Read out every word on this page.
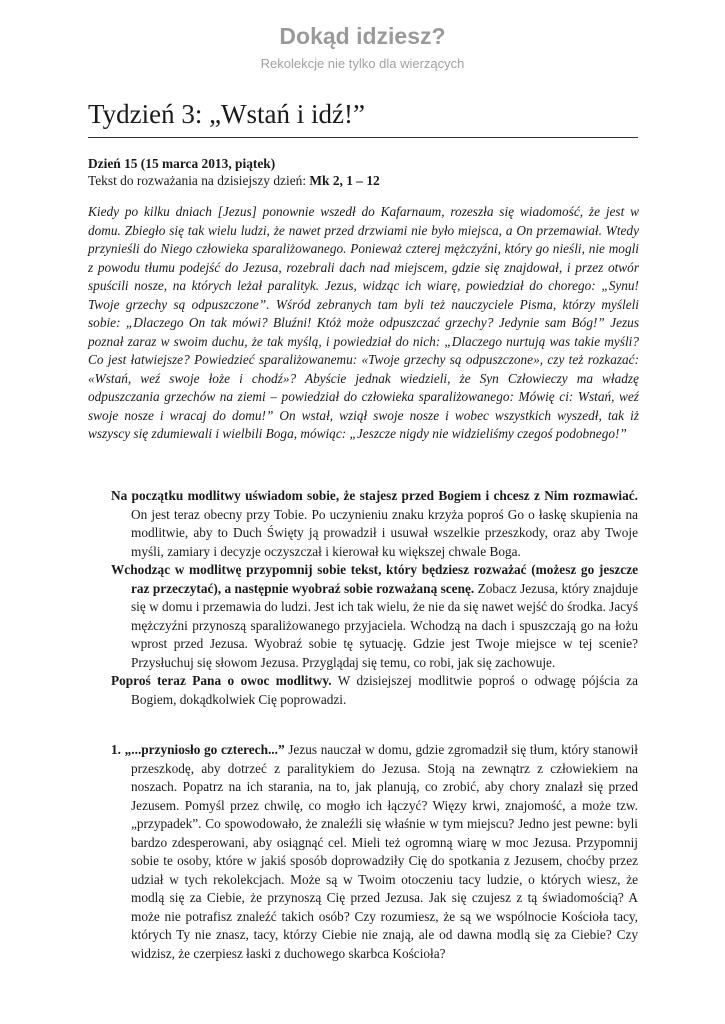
Dokąd idziesz?
Rekolekcje nie tylko dla wierzących
Tydzień 3: „Wstań i idź!”
Dzień 15 (15 marca 2013, piątek)
Tekst do rozważania na dzisiejszy dzień: Mk 2, 1 – 12

Kiedy po kilku dniach [Jezus] ponownie wszedł do Kafarnaum, rozeszła się wiadomość, że jest w domu. Zbiegło się tak wielu ludzi, że nawet przed drzwiami nie było miejsca, a On przemawiał. Wtedy przynieśli do Niego człowieka sparaliżowanego. Ponieważ czterej mężczyźni, który go nieśli, nie mogli z powodu tłumu podejść do Jezusa, rozebrali dach nad miejscem, gdzie się znajdował, i przez otwór spuścili nosze, na których leżał paralityk. Jezus, widząc ich wiarę, powiedział do chorego: „Synu! Twoje grzechy są odpuszczone”. Wśród zebranych tam byli też nauczyciele Pisma, którzy myśleli sobie: „Dlaczego On tak mówi? Bluźni! Któż może odpuszczać grzechy? Jedynie sam Bóg!” Jezus poznał zaraz w swoim duchu, że tak myślą, i powiedział do nich: „Dlaczego nurtują was takie myśli? Co jest łatwiejsze? Powiedzieć sparaliżowanemu: «Twoje grzechy są odpuszczone», czy też rozkazać: «Wstań, weź swoje łoże i chodź»? Abyście jednak wiedzieli, że Syn Człowieczy ma władzę odpuszczania grzechów na ziemi – powiedział do człowieka sparaliżowanego: Mówię ci: Wstań, weź swoje nosze i wracaj do domu!” On wstał, wziął swoje nosze i wobec wszystkich wyszedł, tak iż wszyscy się zdumiewali i wielbili Boga, mówiąc: „Jeszcze nigdy nie widzieliśmy czegoś podobnego!”

Na początku modlitwy uświadom sobie, że stajesz przed Bogiem i chcesz z Nim rozmawiać. On jest teraz obecny przy Tobie. Po uczynieniu znaku krzyża poproś Go o łaskę skupienia na modlitwie, aby to Duch Święty ją prowadził i usuwał wszelkie przeszkody, oraz aby Twoje myśli, zamiary i decyzje oczyszczał i kierował ku większej chwale Boga.

Wchodząc w modlitwę przypomnij sobie tekst, który będziesz rozważać (możesz go jeszcze raz przeczytać), a następnie wyobraź sobie rozważaną scenę. Zobacz Jezusa, który znajduje się w domu i przemawia do ludzi. Jest ich tak wielu, że nie da się nawet wejść do środka. Jacyś mężczyźni przynoszą sparaliżowanego przyjaciela. Wchodzą na dach i spuszczają go na łożu wprost przed Jezusa. Wyobraź sobie tę sytuację. Gdzie jest Twoje miejsce w tej scenie? Przysłuchuj się słowom Jezusa. Przyglądaj się temu, co robi, jak się zachowuje.

Poproś teraz Pana o owoc modlitwy. W dzisiejszej modlitwie poproś o odwagę pójścia za Bogiem, dokądkolwiek Cię poprowadzi.

1. „...przyniosło go czterech...” Jezus nauczał w domu, gdzie zgromadził się tłum, który stanowił przeszkodę, aby dotrzeć z paralitykiem do Jezusa. Stoją na zewnątrz z człowiekiem na noszach. Popatrz na ich starania, na to, jak planują, co zrobić, aby chory znalazł się przed Jezusem. Pomyśl przez chwilę, co mogło ich łączyć? Więzy krwi, znajomość, a może tzw. „przypadek”. Co spowodowało, że znaleźli się właśnie w tym miejscu? Jedno jest pewne: byli bardzo zdesperowani, aby osiągnąć cel. Mieli też ogromną wiarę w moc Jezusa. Przypomnij sobie te osoby, które w jakiś sposób doprowadziły Cię do spotkania z Jezusem, choćby przez udział w tych rekolekcjach. Może są w Twoim otoczeniu tacy ludzie, o których wiesz, że modlą się za Ciebie, że przynoszą Cię przed Jezusa. Jak się czujesz z tą świadomością? A może nie potrafisz znaleźć takich osób? Czy rozumiesz, że są we wspólnocie Kościoła tacy, których Ty nie znasz, tacy, którzy Ciebie nie znają, ale od dawna modlą się za Ciebie? Czy widzisz, że czerpiesz łaski z duchowego skarbca Kościoła?
